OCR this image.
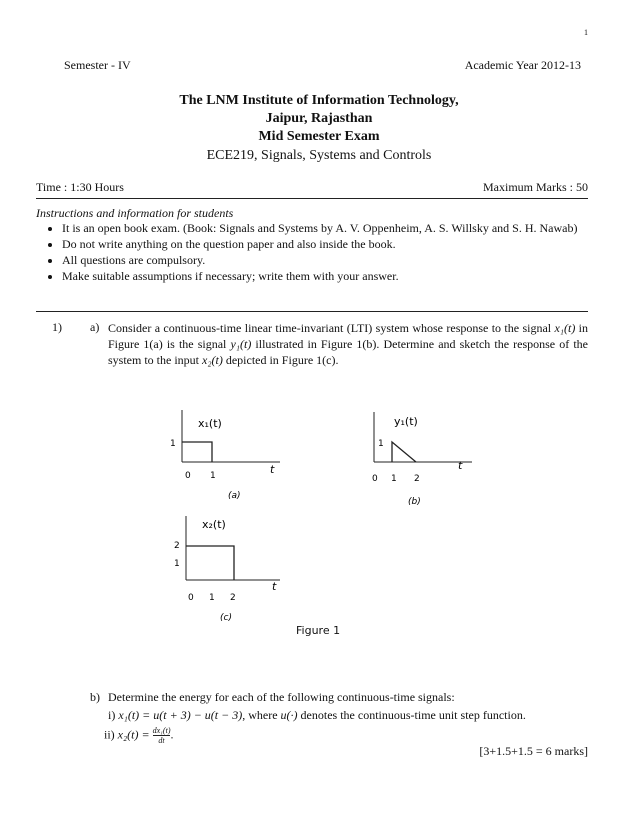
1
Semester - IV	Academic Year 2012-13
The LNM Institute of Information Technology,
Jaipur, Rajasthan
Mid Semester Exam
ECE219, Signals, Systems and Controls
Time : 1:30 Hours	Maximum Marks : 50
Instructions and information for students
• It is an open book exam. (Book: Signals and Systems by A. V. Oppenheim, A. S. Willsky and S. H. Nawab)
• Do not write anything on the question paper and also inside the book.
• All questions are compulsory.
• Make suitable assumptions if necessary; write them with your answer.
1) a) Consider a continuous-time linear time-invariant (LTI) system whose response to the signal x₁(t) in Figure 1(a) is the signal y₁(t) illustrated in Figure 1(b). Determine and sketch the response of the system to the input x₂(t) depicted in Figure 1(c).
x₁(t)
1
0 1	t
(a)
y₁(t)
1
0 1 2
t
(b)
x₂(t)
2
1
0 1 2
t
(c)
Figure 1
b) Determine the energy for each of the following continuous-time signals:
i) x₁(t) = u(t + 3) − u(t − 3), where u(·) denotes the continuous-time unit step function.
ii) $x_2(t) = \frac{\text{dx₁(t)}}{dt}$ .
[3+1.5+1.5 = 6 marks]
